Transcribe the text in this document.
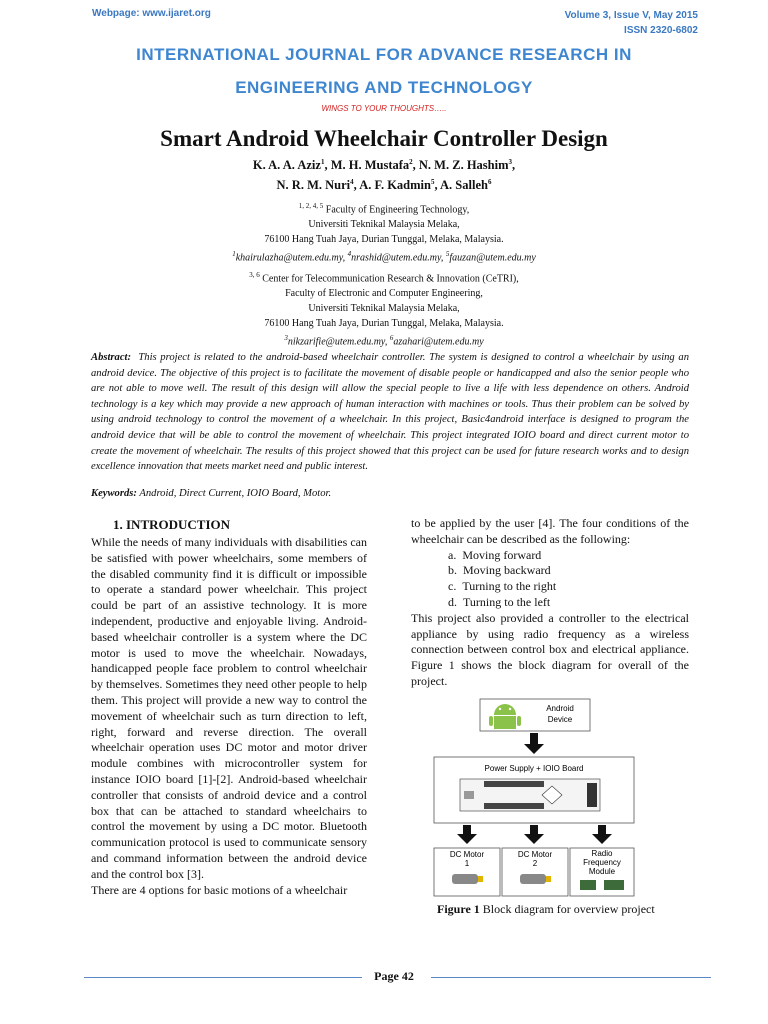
Webpage: www.ijaret.org	Volume 3, Issue V, May 2015
ISSN 2320-6802
INTERNATIONAL JOURNAL FOR ADVANCE RESEARCH IN
ENGINEERING AND TECHNOLOGY
WINGS TO YOUR THOUGHTS…..
Smart Android Wheelchair Controller Design
K. A. A. Aziz$^1$, M. H. Mustafa$^2$, N. M. Z. Hashim$^3$,
N. R. M. Nuri$^4$, A. F. Kadmin$^5$, A. Salleh$^6$
$^{1, 2, 4, 5}$ Faculty of Engineering Technology,
Universiti Teknikal Malaysia Melaka,
76100 Hang Tuah Jaya, Durian Tunggal, Melaka, Malaysia.
$^1$khairulazha@utem.edu.my, $^4$nrashid@utem.edu.my, $^5$fauzan@utem.edu.my
$^{3, 6}$ Center for Telecommunication Research & Innovation (CeTRI),
Faculty of Electronic and Computer Engineering,
Universiti Teknikal Malaysia Melaka,
76100 Hang Tuah Jaya, Durian Tunggal, Melaka, Malaysia.
$^3$nikzarifie@utem.edu.my, $^6$azahari@utem.edu.my
Abstract: This project is related to the android-based wheelchair controller. The system is designed to control a wheelchair by using an android device. The objective of this project is to facilitate the movement of disable people or handicapped and also the senior people who are not able to move well. The result of this design will allow the special people to live a life with less dependence on others. Android technology is a key which may provide a new approach of human interaction with machines or tools. Thus their problem can be solved by using android technology to control the movement of a wheelchair. In this project, Basic4android interface is designed to program the android device that will be able to control the movement of wheelchair. This project integrated IOIO board and direct current motor to create the movement of wheelchair. The results of this project showed that this project can be used for future research works and to design excellence innovation that meets market need and public interest.
Keywords: Android, Direct Current, IOIO Board, Motor.
1. INTRODUCTION

While the needs of many individuals with disabilities can be satisfied with power wheelchairs, some members of the disabled community find it is difficult or impossible to operate a standard power wheelchair. This project could be part of an assistive technology. It is more independent, productive and enjoyable living. Android-based wheelchair controller is a system where the DC motor is used to move the wheelchair. Nowadays, handicapped people face problem to control wheelchair by themselves. Sometimes they need other people to help them. This project will provide a new way to control the movement of wheelchair such as turn direction to left, right, forward and reverse direction. The overall wheelchair operation uses DC motor and motor driver module combines with microcontroller system for instance IOIO board [1]-[2]. Android-based wheelchair controller that consists of android device and a control box that can be attached to standard wheelchairs to control the movement by using a DC motor. Bluetooth communication protocol is used to communicate sensory and command information between the android device and the control box [3].

There are 4 options for basic motions of a wheelchair

to be applied by the user [4]. The four conditions of the wheelchair can be described as the following:

a.  Moving forward
b.  Moving backward
c.  Turning to the right
d.  Turning to the left

This project also provided a controller to the electrical appliance by using radio frequency as a wireless connection between control box and electrical appliance. Figure 1 shows the block diagram for overall of the project.

Android
Device
Power Supply + IOIO Board
DC Motor
1
DC Motor
2
Radio
Frequency
Module
Figure 1 Block diagram for overview project
Page 42
